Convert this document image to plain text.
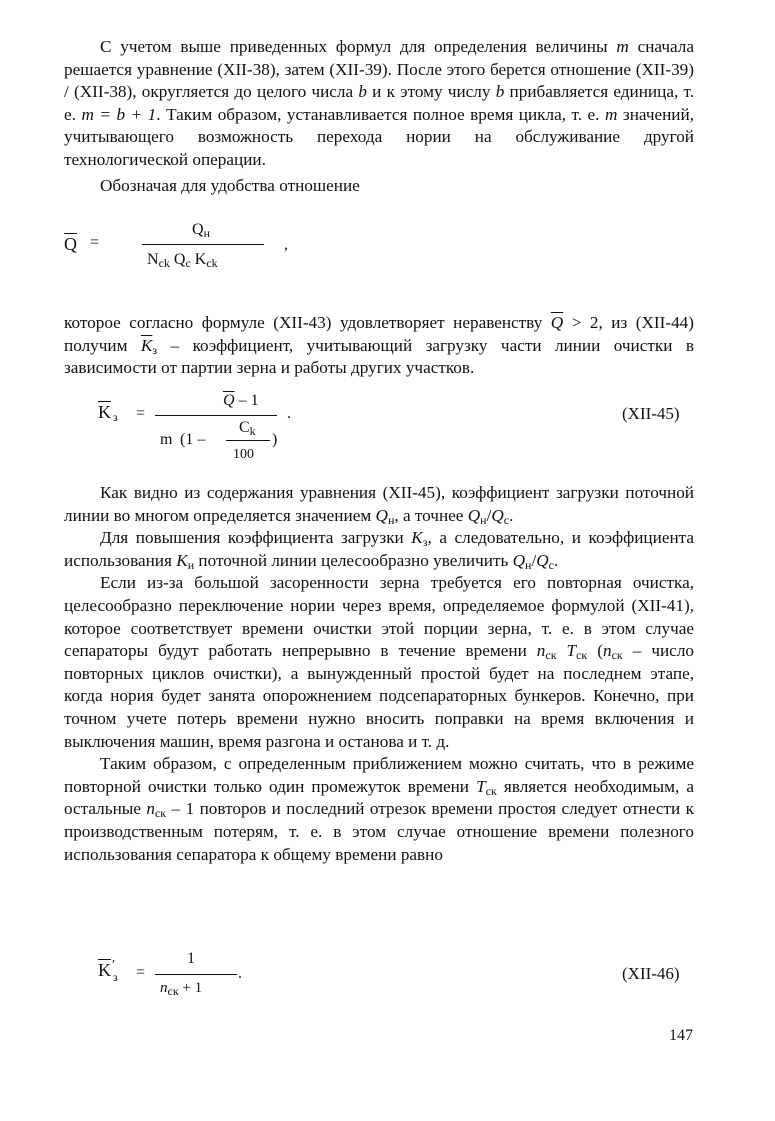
С учетом выше приведенных формул для определения величины m сначала решается уравнение (XII-38), затем (XII-39). После этого берется отношение (XII-39) / (XII-38), округляется до целого числа b и к этому числу b прибавляется единица, т. е. m = b + 1. Таким образом, устанавливается полное время цикла, т. е. m значений, учитывающего возможность перехода нории на обслуживание другой технологической операции.

Обозначая для удобства отношение

$\overline{Q}$ =
$Q_н$
$N_{ck}$ $Q_c$ $K_{ck}$
,

которое согласно формуле (XII-43) удовлетворяет неравенству $\overline{Q} > 2$, из (XII-44) получим $\overline{K}_з$ – коэффициент, учитывающий загрузку части линии очистки в зависимости от партии зерна и работы других участков.

$\overline{K}$ з =
$\overline{Q} - 1$
m (1 –
$C_k$
100
)
.	(XII-45)

Как видно из содержания уравнения (XII-45), коэффициент загрузки поточной линии во многом определяется значением $Q_н$, а точнее $Q_н/Q_с$.

Для повышения коэффициента загрузки $K_з$, а следовательно, и коэффициента использования $K_и$ поточной линии целесообразно увеличить $Q_н/Q_с$.

Если из-за большой засоренности зерна требуется его повторная очистка, целесообразно переключение нории через время, определяемое формулой (XII-41), которое соответствует времени очистки этой порции зерна, т. е. в этом случае сепараторы будут работать непрерывно в течение времени $n_{ск}$ $T_{ск}$ ($n_{ск}$ – число повторных циклов очистки), а вынужденный простой будет на последнем этапе, когда нория будет занята опорожнением подсепараторных бункеров. Конечно, при точном учете потерь времени нужно вносить поправки на время включения и выключения машин, время разгона и останова и т. д.

Таким образом, с определенным приближением можно считать, что в режиме повторной очистки только один промежуток времени $T_{ск}$ является необходимым, а остальные $n_{ск} - 1$ повторов и последний отрезок времени простоя следует отнести к производственным потерям, т. е. в этом случае отношение времени полезного использования сепаратора к общему времени равно

$\overline{K}$ ′
з =
1
$n_{ск} + 1$
.	(XII-46)
147
